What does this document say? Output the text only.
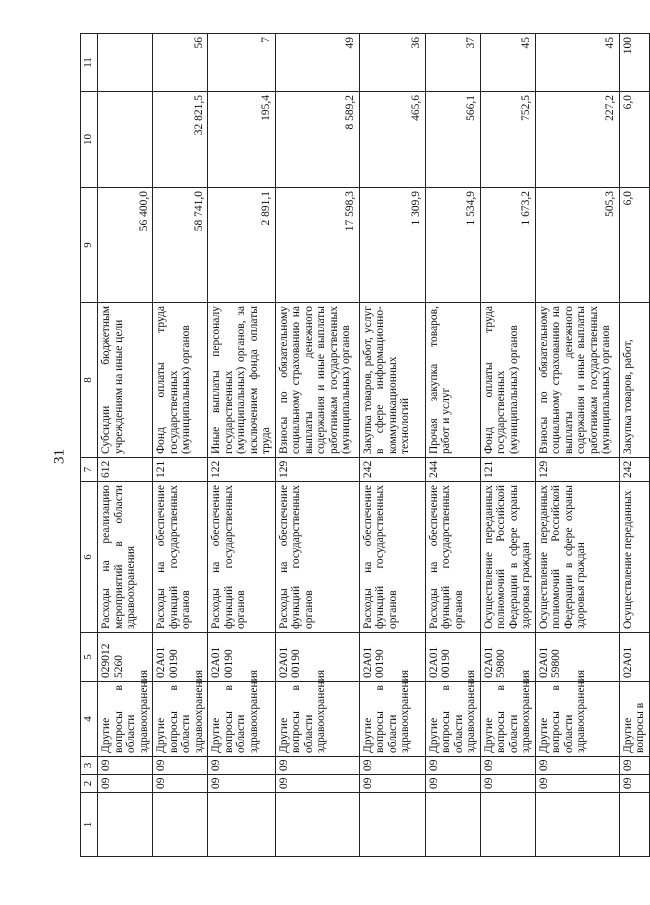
31
1	2	3	4	5	6	7	8	9	10	11
	09	09	Другие вопросы в области здравоохранения	029012 5260	Расходы на реализацию мероприятий в области здравоохранения	612	Субсидии бюджетным учреждениям на иные цели	56 400,0		
	09	09	Другие вопросы в области здравоохранения	02А01 00190	Расходы на обеспечение функций государственных органов	121	Фонд оплаты труда государственных (муниципальных) органов	58 741,0	32 821,5	56
	09	09	Другие вопросы в области здравоохранения	02А01 00190	Расходы на обеспечение функций государственных органов	122	Иные выплаты персоналу государственных (муниципальных) органов, за исключением фонда оплаты труда	2 891,1	195,4	7
	09	09	Другие вопросы в области здравоохранения	02А01 00190	Расходы на обеспечение функций государственных органов	129	Взносы по обязательному социальному страхованию на выплаты денежного содержания и иные выплаты работникам государственных (муниципальных) органов	17 598,3	8 589,2	49
	09	09	Другие вопросы в области здравоохранения	02А01 00190	Расходы на обеспечение функций государственных органов	242	Закупка товаров, работ, услуг в сфере информационно-коммуникационных технологий	1 309,9	465,6	36
	09	09	Другие вопросы в области здравоохранения	02А01 00190	Расходы на обеспечение функций государственных органов	244	Прочая закупка товаров, работ и услуг	1 534,9	566,1	37
	09	09	Другие вопросы в области здравоохранения	02А01 59800	Осуществление переданных полномочий Российской Федерации в сфере охраны здоровья граждан	121	Фонд оплаты труда государственных (муниципальных) органов	1 673,2	752,5	45
	09	09	Другие вопросы в области здравоохранения	02А01 59800	Осуществление переданных полномочий Российской Федерации в сфере охраны здоровья граждан	129	Взносы по обязательному социальному страхованию на выплаты денежного содержания и иные выплаты работникам государственных (муниципальных) органов	505,3	227,2	45
	09	09	Другие вопросы в	02А01	Осуществление переданных	242	Закупка товаров, работ,	6,0	6,0	100
